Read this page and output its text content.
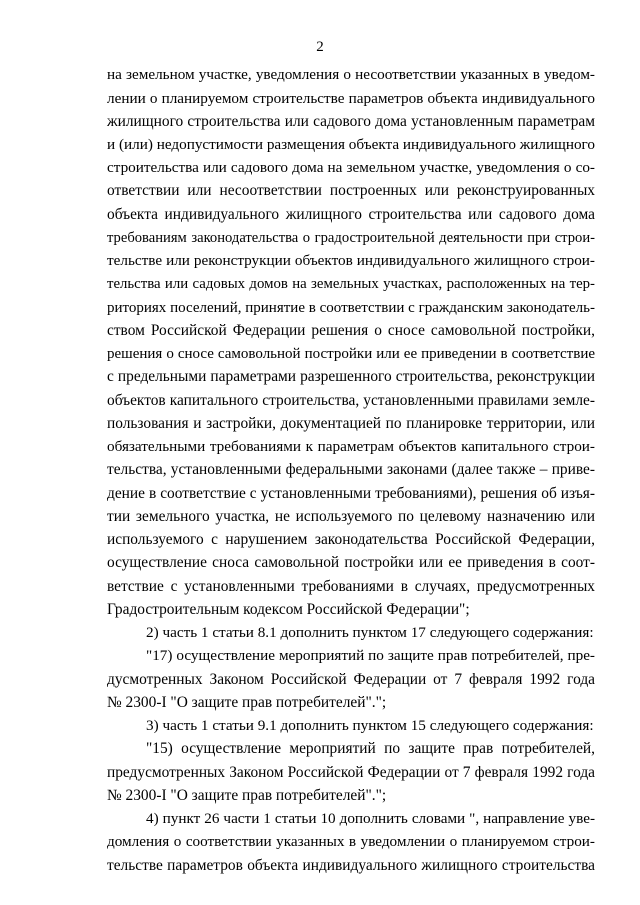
2
на земельном участке, уведомления о несоответствии указанных в уведом-
лении о планируемом строительстве параметров объекта индивидуального
жилищного строительства или садового дома установленным параметрам
и (или) недопустимости размещения объекта индивидуального жилищного
строительства или садового дома на земельном участке, уведомления о со-
ответствии или несоответствии построенных или реконструированных
объекта индивидуального жилищного строительства или садового дома
требованиям законодательства о градостроительной деятельности при строи-
тельстве или реконструкции объектов индивидуального жилищного строи-
тельства или садовых домов на земельных участках, расположенных на тер-
риториях поселений, принятие в соответствии с гражданским законодатель-
ством Российской Федерации решения о сносе самовольной постройки,
решения о сносе самовольной постройки или ее приведении в соответствие
с предельными параметрами разрешенного строительства, реконструкции
объектов капитального строительства, установленными правилами земле-
пользования и застройки, документацией по планировке территории, или
обязательными требованиями к параметрам объектов капитального строи-
тельства, установленными федеральными законами (далее также – приве-
дение в соответствие с установленными требованиями), решения об изъя-
тии земельного участка, не используемого по целевому назначению или
используемого с нарушением законодательства Российской Федерации,
осуществление сноса самовольной постройки или ее приведения в соот-
ветствие с установленными требованиями в случаях, предусмотренных
Градостроительным кодексом Российской Федерации";
2) часть 1 статьи 8.1 дополнить пунктом 17 следующего содержания:
"17) осуществление мероприятий по защите прав потребителей, пре-
дусмотренных Законом Российской Федерации от 7 февраля 1992 года
№ 2300-I "О защите прав потребителей".";
3) часть 1 статьи 9.1 дополнить пунктом 15 следующего содержания:
"15) осуществление мероприятий по защите прав потребителей,
предусмотренных Законом Российской Федерации от 7 февраля 1992 года
№ 2300-I "О защите прав потребителей".";
4) пункт 26 части 1 статьи 10 дополнить словами ", направление уве-
домления о соответствии указанных в уведомлении о планируемом строи-
тельстве параметров объекта индивидуального жилищного строительства
